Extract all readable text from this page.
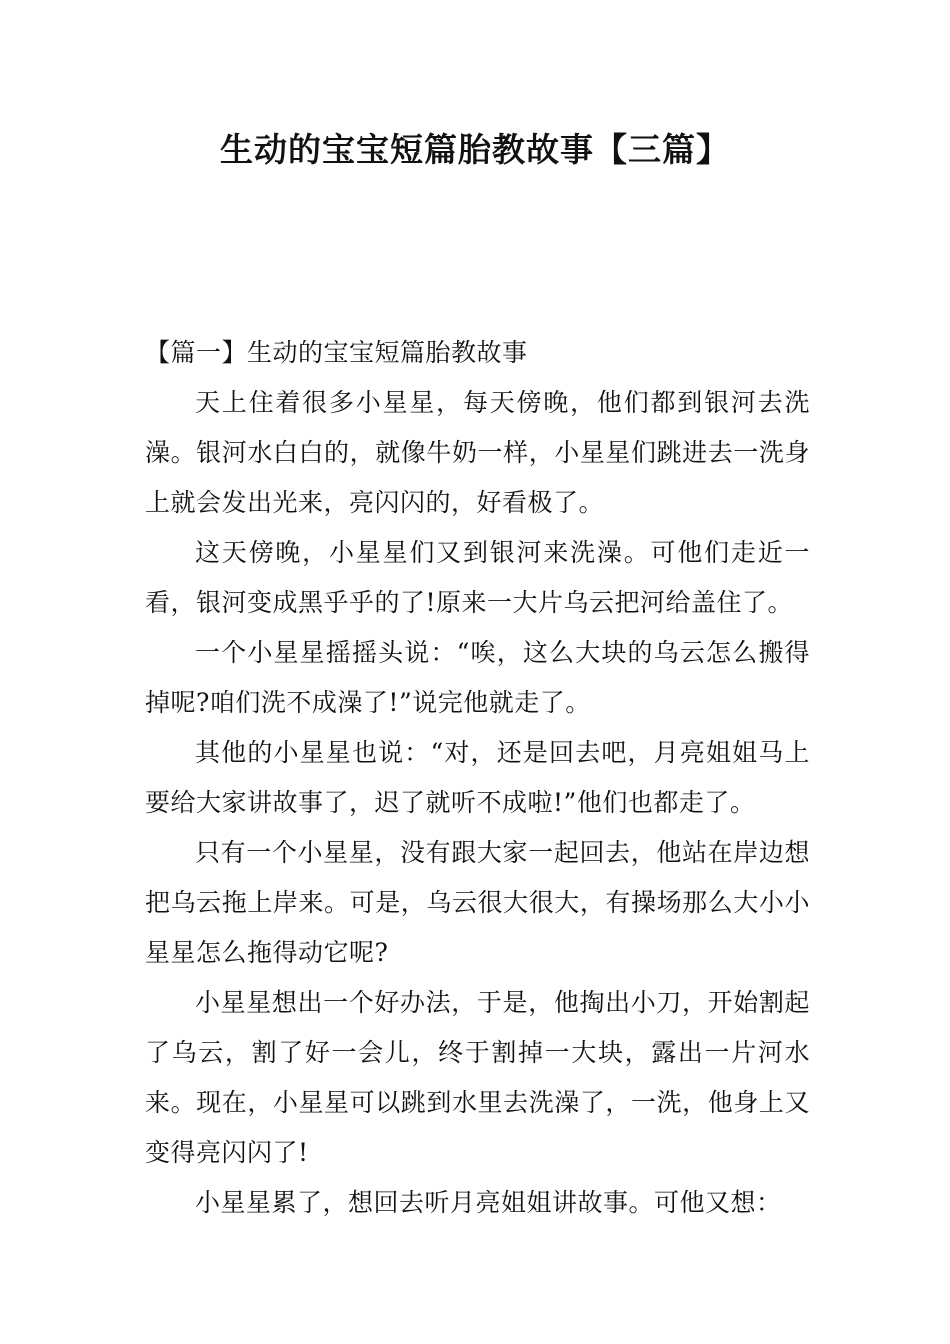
生动的宝宝短篇胎教故事【三篇】
【篇一】生动的宝宝短篇胎教故事

天上住着很多小星星，每天傍晚，他们都到银河去洗澡。银河水白白的，就像牛奶一样，小星星们跳进去一洗身上就会发出光来，亮闪闪的，好看极了。

这天傍晚，小星星们又到银河来洗澡。可他们走近一看，银河变成黑乎乎的了!原来一大片乌云把河给盖住了。

一个小星星摇摇头说：“唉，这么大块的乌云怎么搬得掉呢?咱们洗不成澡了!”说完他就走了。

其他的小星星也说：“对，还是回去吧，月亮姐姐马上要给大家讲故事了，迟了就听不成啦!”他们也都走了。

只有一个小星星，没有跟大家一起回去，他站在岸边想把乌云拖上岸来。可是，乌云很大很大，有操场那么大小小星星怎么拖得动它呢?

小星星想出一个好办法，于是，他掏出小刀，开始割起了乌云，割了好一会儿，终于割掉一大块，露出一片河水来。现在，小星星可以跳到水里去洗澡了，一洗，他身上又变得亮闪闪了!

小星星累了，想回去听月亮姐姐讲故事。可他又想：
